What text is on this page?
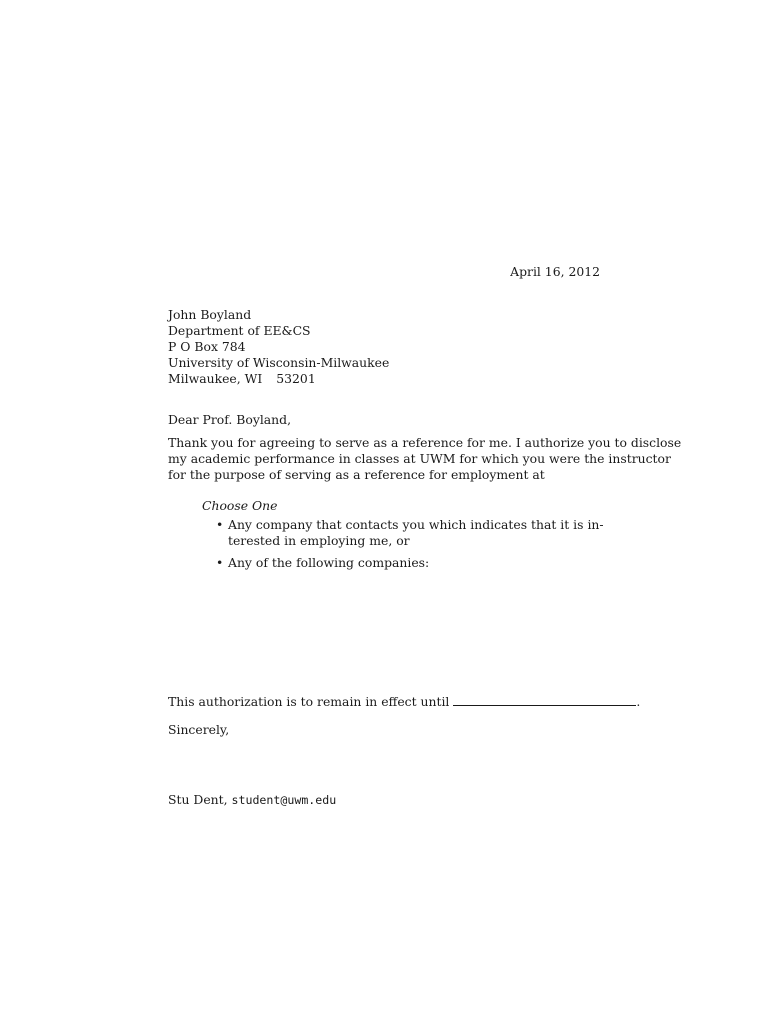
April 16, 2012
John Boyland
Department of EE&CS
P O Box 784
University of Wisconsin-Milwaukee
Milwaukee, WI 53201
Dear Prof. Boyland,
Thank you for agreeing to serve as a reference for me. I authorize you to disclose
my academic performance in classes at UWM for which you were the instructor
for the purpose of serving as a reference for employment at
Choose One
• Any company that contacts you which indicates that it is in-
terested in employing me, or
• Any of the following companies:
This authorization is to remain in effect until	.
Sincerely,
Stu Dent, student@uwm.edu
